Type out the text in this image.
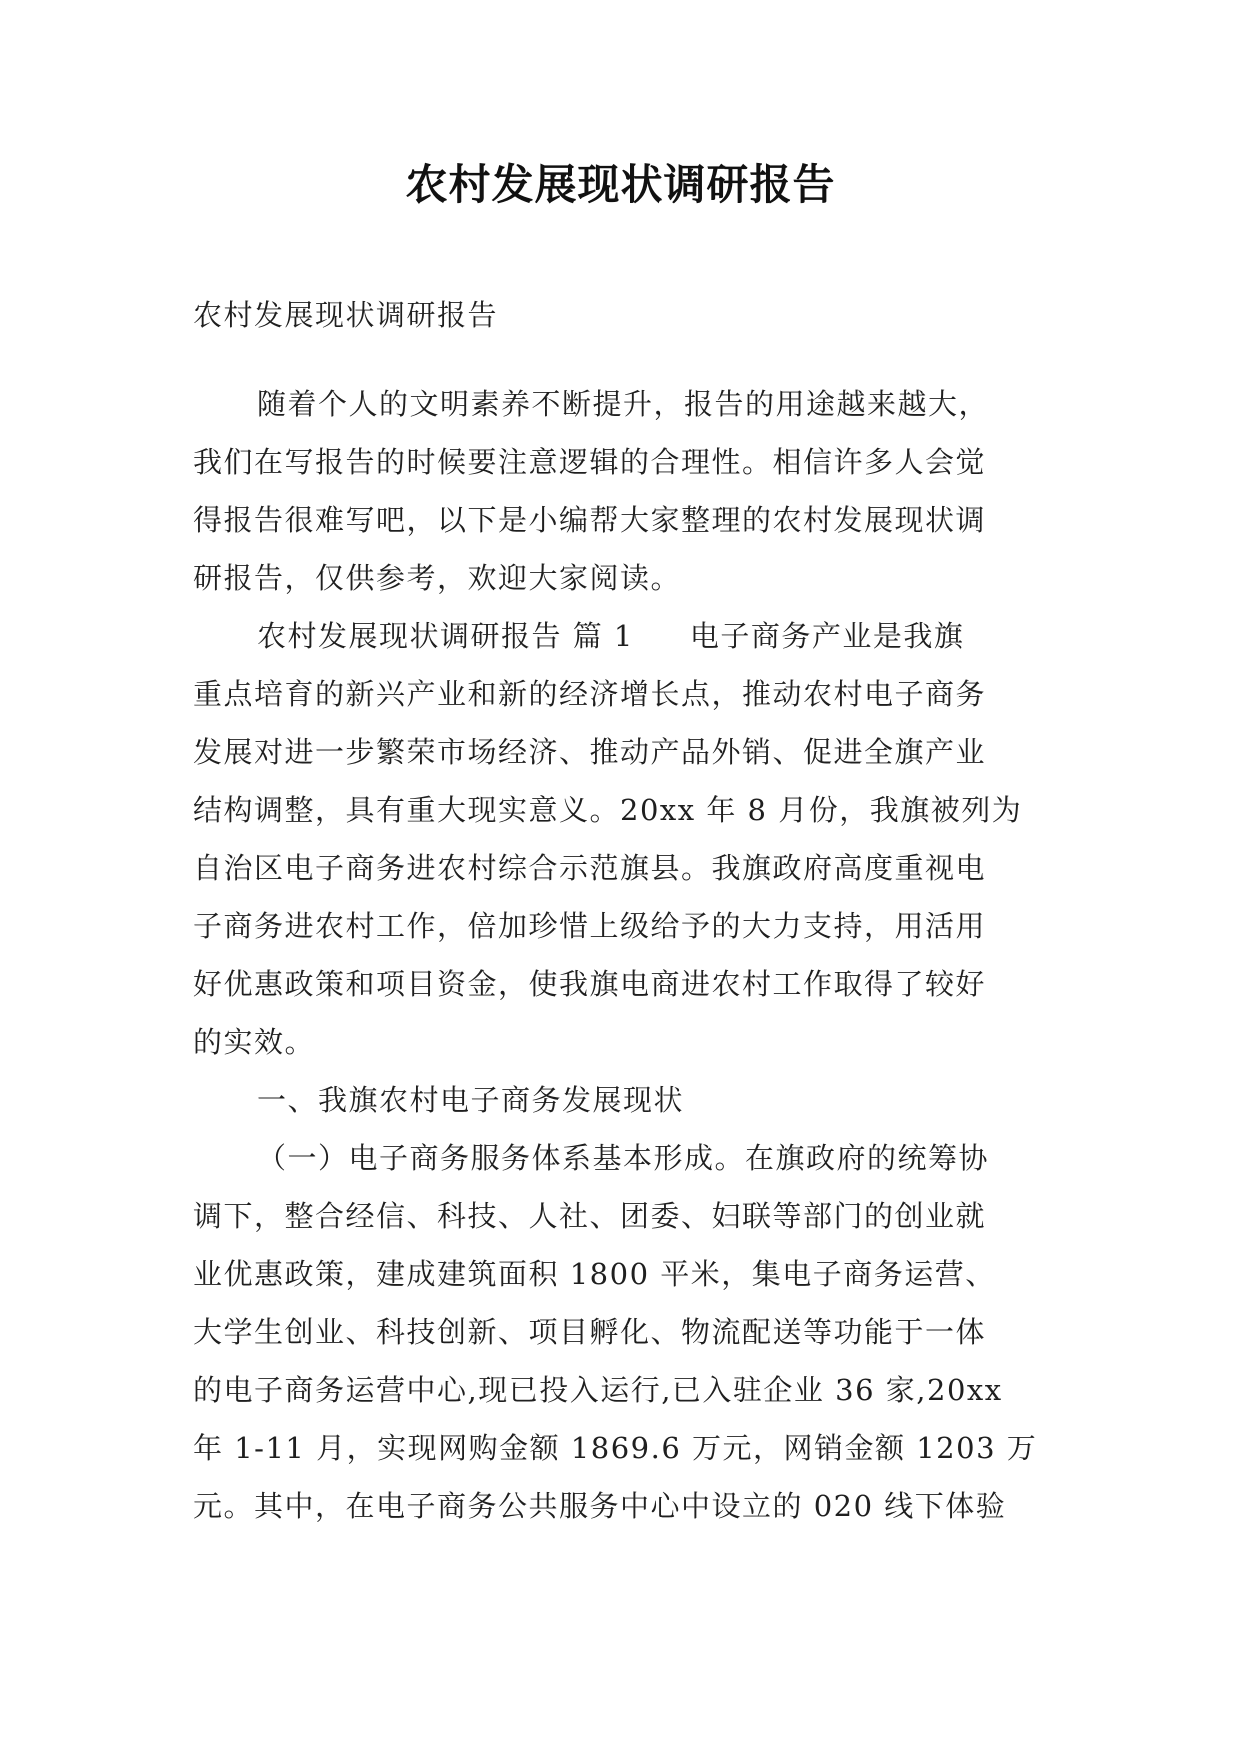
农村发展现状调研报告
农村发展现状调研报告
随着个人的文明素养不断提升，报告的用途越来越大，
我们在写报告的时候要注意逻辑的合理性。相信许多人会觉
得报告很难写吧，以下是小编帮大家整理的农村发展现状调
研报告，仅供参考，欢迎大家阅读。
农村发展现状调研报告 篇 1 电子商务产业是我旗
重点培育的新兴产业和新的经济增长点，推动农村电子商务
发展对进一步繁荣市场经济、推动产品外销、促进全旗产业
结构调整，具有重大现实意义。20xx 年 8 月份，我旗被列为
自治区电子商务进农村综合示范旗县。我旗政府高度重视电
子商务进农村工作，倍加珍惜上级给予的大力支持，用活用
好优惠政策和项目资金，使我旗电商进农村工作取得了较好
的实效。
一、我旗农村电子商务发展现状
（一）电子商务服务体系基本形成。在旗政府的统筹协
调下，整合经信、科技、人社、团委、妇联等部门的创业就
业优惠政策，建成建筑面积 1800 平米，集电子商务运营、
大学生创业、科技创新、项目孵化、物流配送等功能于一体
的电子商务运营中心,现已投入运行,已入驻企业 36 家,20xx
年 1-11 月，实现网购金额 1869.6 万元，网销金额 1203 万
元。其中，在电子商务公共服务中心中设立的 020 线下体验
